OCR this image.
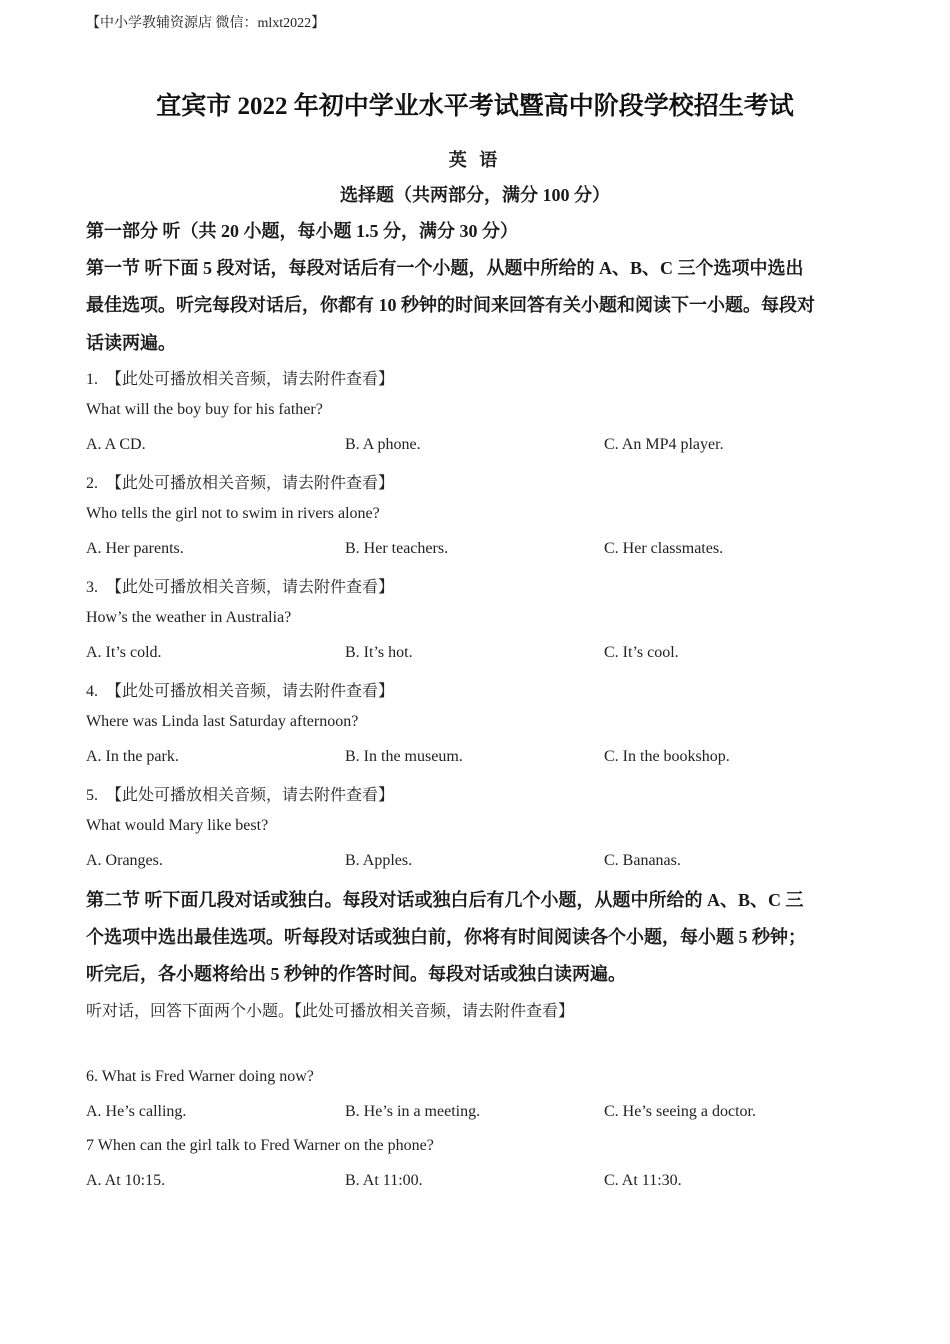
【中小学教辅资源店 微信：mlxt2022】
宜宾市 2022 年初中学业水平考试暨高中阶段学校招生考试
英 语
选择题（共两部分，满分 100 分）
第一部分 听（共 20 小题，每小题 1.5 分，满分 30 分）
第一节 听下面 5 段对话，每段对话后有一个小题，从题中所给的 A、B、C 三个选项中选出
最佳选项。听完每段对话后，你都有 10 秒钟的时间来回答有关小题和阅读下一小题。每段对
话读两遍。
1. 【此处可播放相关音频，请去附件查看】
What will the boy buy for his father?
A. A CD.	B. A phone.	C. An MP4 player.
2. 【此处可播放相关音频，请去附件查看】
Who tells the girl not to swim in rivers alone?
A. Her parents.	B. Her teachers.	C. Her classmates.
3. 【此处可播放相关音频，请去附件查看】
How’s the weather in Australia?
A. It’s cold.	B. It’s hot.	C. It’s cool.
4. 【此处可播放相关音频，请去附件查看】
Where was Linda last Saturday afternoon?
A. In the park.	B. In the museum.	C. In the bookshop.
5. 【此处可播放相关音频，请去附件查看】
What would Mary like best?
A. Oranges.	B. Apples.	C. Bananas.
第二节 听下面几段对话或独白。每段对话或独白后有几个小题，从题中所给的 A、B、C 三
个选项中选出最佳选项。听每段对话或独白前，你将有时间阅读各个小题，每小题 5 秒钟；
听完后，各小题将给出 5 秒钟的作答时间。每段对话或独白读两遍。
听对话，回答下面两个小题。【此处可播放相关音频，请去附件查看】
6. What is Fred Warner doing now?
A. He’s calling.	B. He’s in a meeting.	C. He’s seeing a doctor.
7 When can the girl talk to Fred Warner on the phone?
A. At 10:15.	B. At 11:00.	C. At 11:30.
